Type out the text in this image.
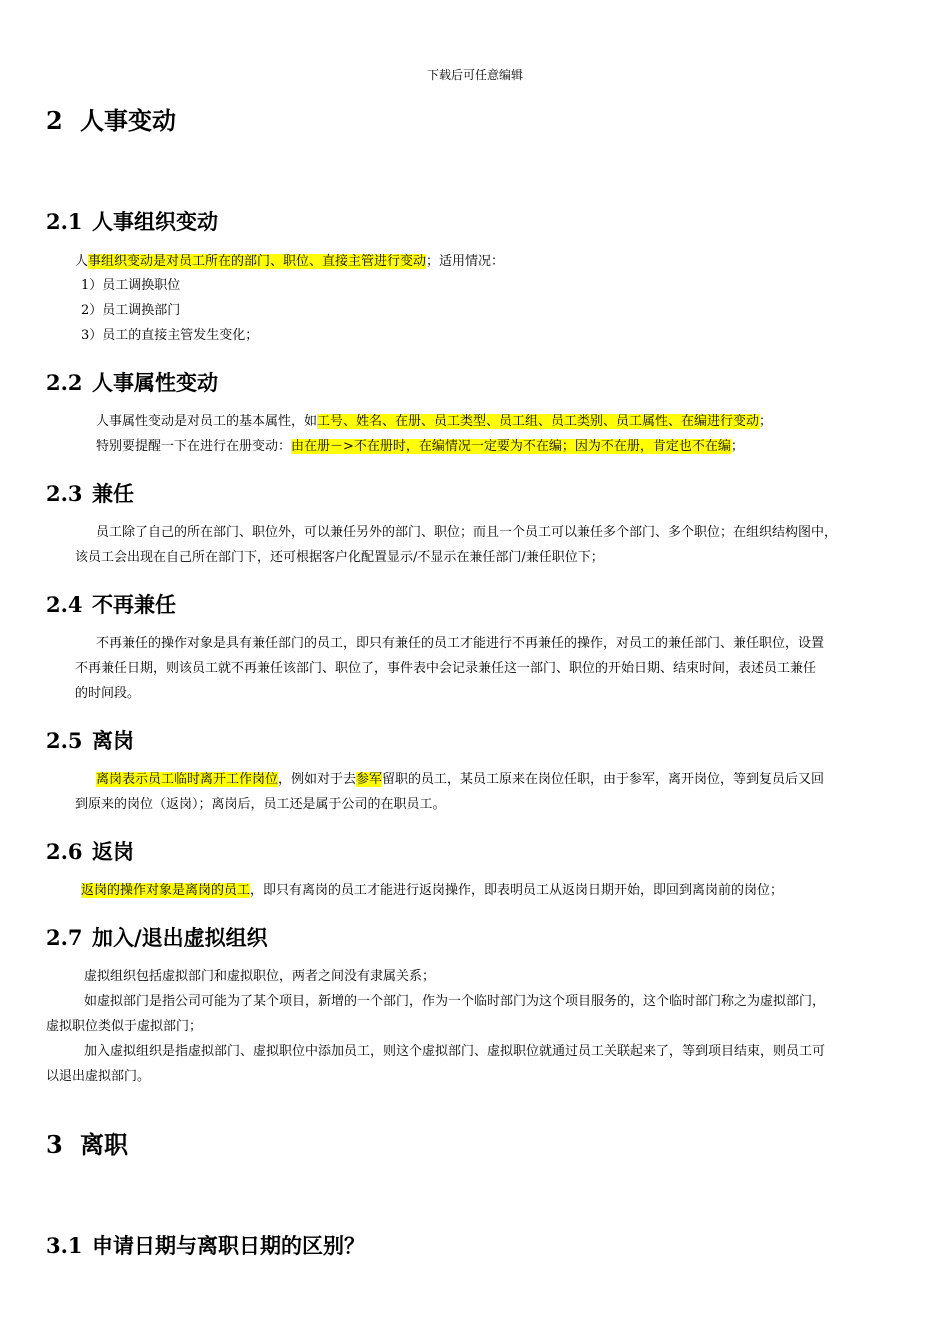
下载后可任意编辑
2 人事变动
2.1 人事组织变动
人事组织变动是对员工所在的部门、职位、直接主管进行变动；适用情况：
1）员工调换职位
2）员工调换部门
3）员工的直接主管发生变化；
2.2 人事属性变动
人事属性变动是对员工的基本属性，如工号、姓名、在册、员工类型、员工组、员工类别、员工属性、在编进行变动；
特别要提醒一下在进行在册变动：由在册－>不在册时，在编情况一定要为不在编；因为不在册，肯定也不在编；
2.3 兼任
员工除了自己的所在部门、职位外，可以兼任另外的部门、职位；而且一个员工可以兼任多个部门、多个职位；在组织结构图中，
该员工会出现在自己所在部门下，还可根据客户化配置显示/不显示在兼任部门/兼任职位下；
2.4 不再兼任
不再兼任的操作对象是具有兼任部门的员工，即只有兼任的员工才能进行不再兼任的操作，对员工的兼任部门、兼任职位，设置
不再兼任日期，则该员工就不再兼任该部门、职位了，事件表中会记录兼任这一部门、职位的开始日期、结束时间，表述员工兼任
的时间段。
2.5 离岗
离岗表示员工临时离开工作岗位，例如对于去参军留职的员工，某员工原来在岗位任职，由于参军，离开岗位，等到复员后又回
到原来的岗位（返岗）；离岗后，员工还是属于公司的在职员工。
2.6 返岗
返岗的操作对象是离岗的员工，即只有离岗的员工才能进行返岗操作，即表明员工从返岗日期开始，即回到离岗前的岗位；
2.7 加入/退出虚拟组织
虚拟组织包括虚拟部门和虚拟职位，两者之间没有隶属关系；
如虚拟部门是指公司可能为了某个项目，新增的一个部门，作为一个临时部门为这个项目服务的，这个临时部门称之为虚拟部门，
虚拟职位类似于虚拟部门；
加入虚拟组织是指虚拟部门、虚拟职位中添加员工，则这个虚拟部门、虚拟职位就通过员工关联起来了，等到项目结束，则员工可
以退出虚拟部门。
3 离职
3.1 申请日期与离职日期的区别？
